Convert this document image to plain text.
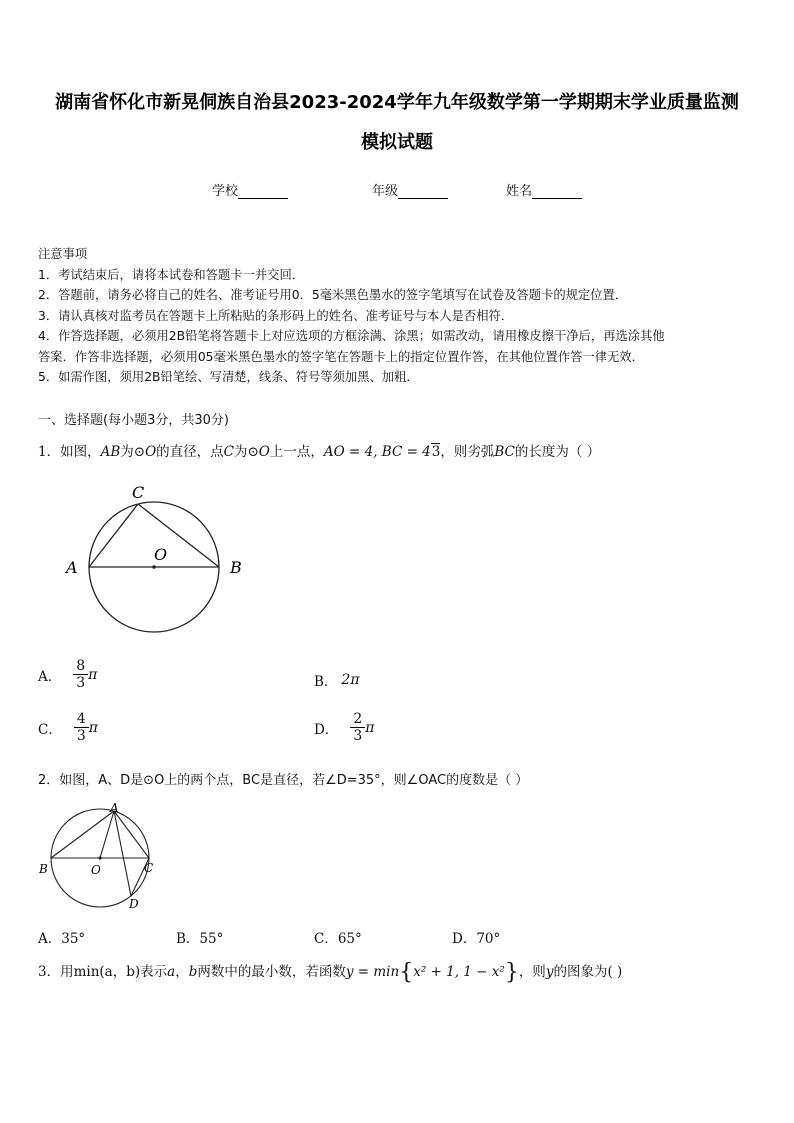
湖南省怀化市新晃侗族自治县2023-2024学年九年级数学第一学期期末学业质量监测
模拟试题
学校	年级	姓名
注意事项
1．考试结束后，请将本试卷和答题卡一并交回．
2．答题前，请务必将自己的姓名、准考证号用0．5毫米黑色墨水的签字笔填写在试卷及答题卡的规定位置．
3．请认真核对监考员在答题卡上所粘贴的条形码上的姓名、准考证号与本人是否相符．
4．作答选择题，必须用2B铅笔将答题卡上对应选项的方框涂满、涂黑；如需改动，请用橡皮擦干净后，再选涂其他
答案．作答非选择题，必须用05毫米黑色墨水的签字笔在答题卡上的指定位置作答，在其他位置作答一律无效．
5．如需作图，须用2B铅笔绘、写清楚，线条、符号等须加黑、加粗．
一、选择题(每小题3分，共30分)
1．如图，AB为⊙O的直径，点C为⊙O上一点，AO = 4, BC = 43，则劣弧BC的长度为（ ）
C
O
A	B
A． $\frac{8}{3}$ π	B． 2π
C． $\frac{4}{3}$ π	D． $\frac{2}{3}$ π
2．如图，A、D是⊙O上的两个点，BC是直径，若∠D=35°，则∠OAC的度数是（ ）
A
B	O	C
D
A．35°	B．55°	C．65°	D．70°
3．用min(a，b)表示a，b两数中的最小数，若函数y = min{x² + 1, 1 − x²}，则y的图象为( )
